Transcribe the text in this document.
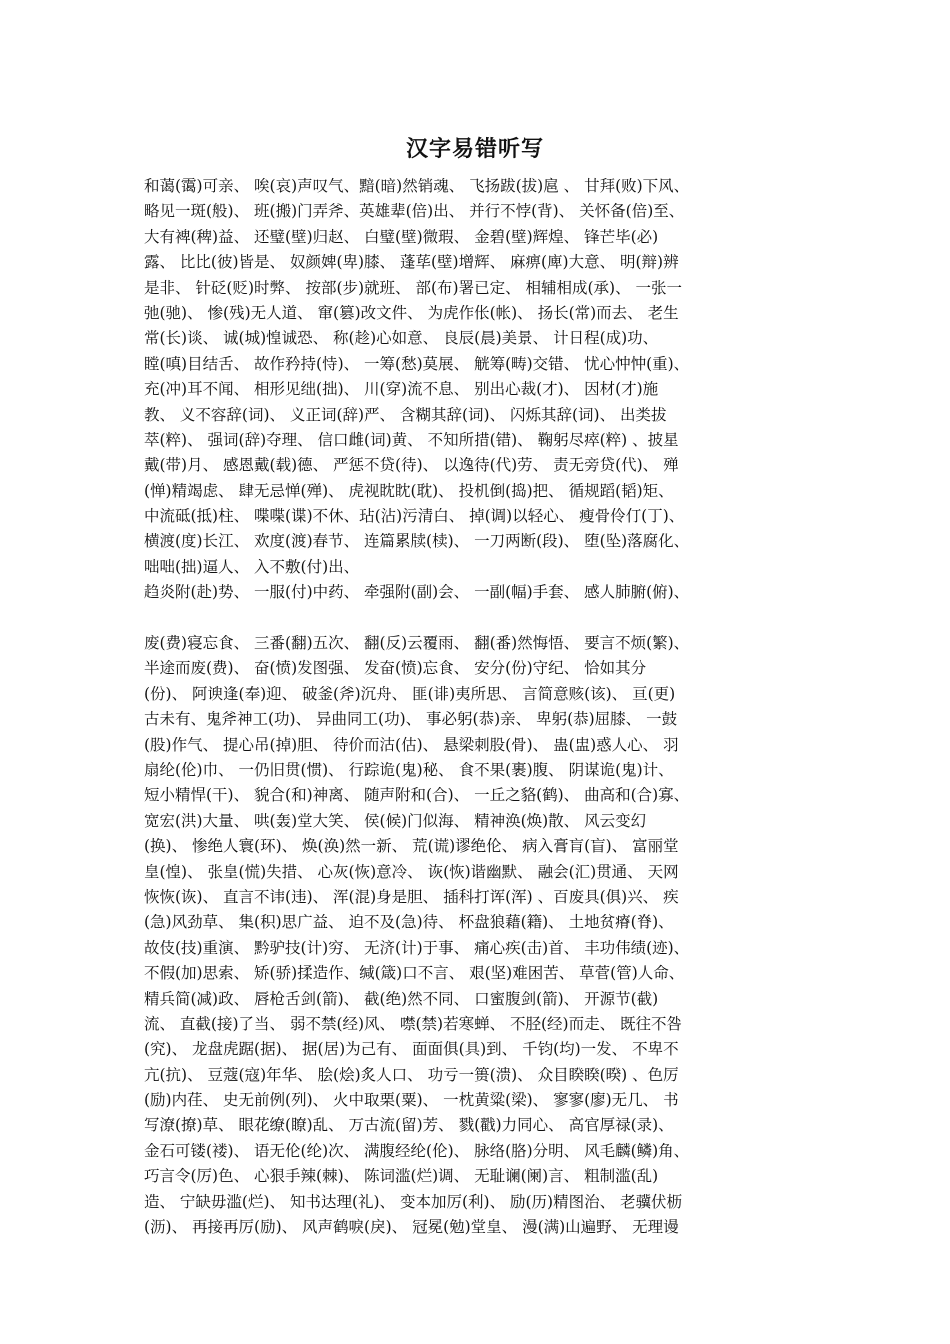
汉字易错听写
和蔼(霭)可亲、 唉(哀)声叹气、黯(暗)然销魂、 飞扬跋(拔)扈 、 甘拜(败)下风、
略见一斑(般)、 班(搬)门弄斧、英雄辈(倍)出、 并行不悖(背)、 关怀备(倍)至、
大有裨(稗)益、 还璧(壁)归赵、 白璧(壁)微瑕、 金碧(壁)辉煌、 锋芒毕(必)
露、 比比(彼)皆是、 奴颜婢(卑)膝、 蓬荜(壁)增辉、 麻痹(庳)大意、 明(辩)辨
是非、 针砭(贬)时弊、 按部(步)就班、 部(布)署已定、 相辅相成(承)、 一张一
弛(驰)、 惨(残)无人道、 窜(篡)改文件、 为虎作伥(帐)、 扬长(常)而去、 老生
常(长)谈、 诚(城)惶诚恐、 称(趁)心如意、 良辰(晨)美景、 计日程(成)功、
瞠(嗔)目结舌、 故作矜持(恃)、 一筹(愁)莫展、 觥筹(畴)交错、 忧心忡忡(重)、
充(冲)耳不闻、 相形见绌(拙)、 川(穿)流不息、 别出心裁(才)、 因材(才)施
教、 义不容辞(词)、 义正词(辞)严、 含糊其辞(词)、 闪烁其辞(词)、 出类拔
萃(粹)、 强词(辞)夺理、 信口雌(词)黄、 不知所措(错)、 鞠躬尽瘁(粹) 、披星
戴(带)月、 感恩戴(载)德、 严惩不贷(待)、 以逸待(代)劳、 责无旁贷(代)、 殚
(惮)精竭虑、 肆无忌惮(殚)、 虎视眈眈(耽)、 投机倒(捣)把、 循规蹈(韬)矩、
中流砥(抵)柱、 喋喋(谍)不休、玷(沾)污清白、 掉(调)以轻心、 瘦骨伶仃(丁)、
横渡(度)长江、 欢度(渡)春节、 连篇累牍(椟)、 一刀两断(段)、 堕(坠)落腐化、
咄咄(拙)逼人、 入不敷(付)出、
趋炎附(赴)势、 一服(付)中药、 牵强附(副)会、 一副(幅)手套、 感人肺腑(俯)、
废(费)寝忘食、 三番(翻)五次、 翻(反)云覆雨、 翻(番)然悔悟、 要言不烦(繁)、
半途而废(费)、 奋(愤)发图强、 发奋(愤)忘食、 安分(份)守纪、 恰如其分
(份)、 阿谀逢(奉)迎、 破釜(斧)沉舟、 匪(诽)夷所思、 言简意赅(该)、 亘(更)
古未有、鬼斧神工(功)、 异曲同工(功)、 事必躬(恭)亲、 卑躬(恭)屈膝、 一鼓
(股)作气、 提心吊(掉)胆、 待价而沽(估)、 悬梁刺股(骨)、 蛊(盅)惑人心、 羽
扇纶(伦)巾、 一仍旧贯(惯)、 行踪诡(鬼)秘、 食不果(裹)腹、 阴谋诡(鬼)计、
短小精悍(干)、 貌合(和)神离、 随声附和(合)、 一丘之貉(鹤)、 曲高和(合)寡、
宽宏(洪)大量、 哄(轰)堂大笑、 侯(候)门似海、 精神涣(焕)散、 风云变幻
(换)、 惨绝人寰(环)、 焕(涣)然一新、 荒(谎)谬绝伦、 病入膏肓(盲)、 富丽堂
皇(惶)、 张皇(慌)失措、 心灰(恢)意冷、 诙(恢)谐幽默、 融会(汇)贯通、 天网
恢恢(诙)、 直言不讳(违)、 浑(混)身是胆、 插科打诨(浑) 、百废具(俱)兴、 疾
(急)风劲草、 集(积)思广益、 迫不及(急)待、 杯盘狼藉(籍)、 土地贫瘠(脊)、
故伎(技)重演、 黔驴技(计)穷、 无济(计)于事、 痛心疾(击)首、 丰功伟绩(迹)、
不假(加)思索、 矫(骄)揉造作、缄(箴)口不言、 艰(坚)难困苦、 草菅(管)人命、
精兵简(减)政、 唇枪舌剑(箭)、 截(绝)然不同、 口蜜腹剑(箭)、 开源节(截)
流、 直截(接)了当、 弱不禁(经)风、 噤(禁)若寒蝉、 不胫(经)而走、 既往不咎
(究)、 龙盘虎踞(据)、 据(居)为己有、 面面俱(具)到、 千钧(均)一发、 不卑不
亢(抗)、 豆蔻(寇)年华、 脍(烩)炙人口、 功亏一篑(溃)、 众目睽睽(暌) 、色厉
(励)内荏、 史无前例(列)、 火中取栗(粟)、 一枕黄粱(梁)、 寥寥(廖)无几、 书
写潦(撩)草、 眼花缭(瞭)乱、 万古流(留)芳、 戮(戳)力同心、 高官厚禄(录)、
金石可镂(褛)、 语无伦(纶)次、 满腹经纶(伦)、 脉络(胳)分明、 风毛麟(鳞)角、
巧言令(厉)色、 心狠手辣(棘)、 陈词滥(烂)调、 无耻谰(阑)言、 粗制滥(乱)
造、 宁缺毋滥(烂)、 知书达理(礼)、 变本加厉(利)、 励(历)精图治、 老骥伏枥
(沥)、 再接再厉(励)、 风声鹤唳(戾)、 冠冕(勉)堂皇、 漫(满)山遍野、 无理谩
